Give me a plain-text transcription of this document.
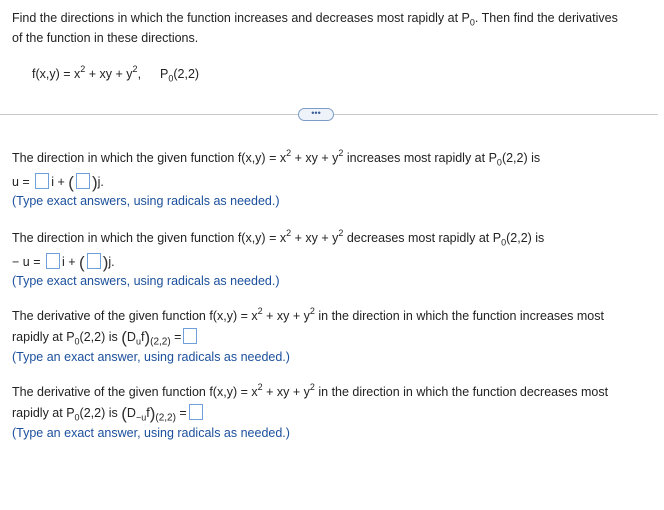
Find the directions in which the function increases and decreases most rapidly at $P_0$. Then find the derivatives
of the function in these directions.
$f(x,y) = x^2$ + xy + $y^2$, $P_0(2,2)$
•••
The direction in which the given function $f(x,y) = x^2$ + xy + $y^2$ increases most rapidly at $P_0(2,2)$ is
u = i + ( )j.
(Type exact answers, using radicals as needed.)
The direction in which the given function $f(x,y) = x^2$ + xy + $y^2$ decreases most rapidly at $P_0(2,2)$ is
− u = i + ( )j.
(Type exact answers, using radicals as needed.)
The derivative of the given function $f(x,y) = x^2$ + xy + $y^2$ in the direction in which the function increases most
rapidly at $P_0(2,2)$ is $(D_uf)_{(2,2)}$ =
(Type an exact answer, using radicals as needed.)
The derivative of the given function $f(x,y) = x^2$ + xy + $y^2$ in the direction in which the function decreases most
rapidly at $P_0(2,2)$ is $(D_{-u}f)_{(2,2)}$ =
(Type an exact answer, using radicals as needed.)
